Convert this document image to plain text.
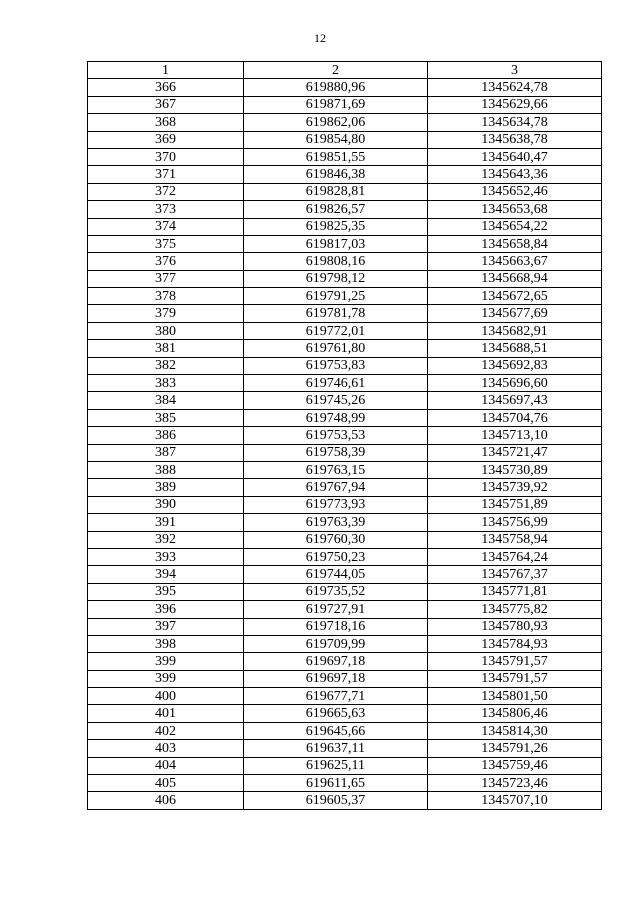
12
1	2	3
366	619880,96	1345624,78
367	619871,69	1345629,66
368	619862,06	1345634,78
369	619854,80	1345638,78
370	619851,55	1345640,47
371	619846,38	1345643,36
372	619828,81	1345652,46
373	619826,57	1345653,68
374	619825,35	1345654,22
375	619817,03	1345658,84
376	619808,16	1345663,67
377	619798,12	1345668,94
378	619791,25	1345672,65
379	619781,78	1345677,69
380	619772,01	1345682,91
381	619761,80	1345688,51
382	619753,83	1345692,83
383	619746,61	1345696,60
384	619745,26	1345697,43
385	619748,99	1345704,76
386	619753,53	1345713,10
387	619758,39	1345721,47
388	619763,15	1345730,89
389	619767,94	1345739,92
390	619773,93	1345751,89
391	619763,39	1345756,99
392	619760,30	1345758,94
393	619750,23	1345764,24
394	619744,05	1345767,37
395	619735,52	1345771,81
396	619727,91	1345775,82
397	619718,16	1345780,93
398	619709,99	1345784,93
399	619697,18	1345791,57
399	619697,18	1345791,57
400	619677,71	1345801,50
401	619665,63	1345806,46
402	619645,66	1345814,30
403	619637,11	1345791,26
404	619625,11	1345759,46
405	619611,65	1345723,46
406	619605,37	1345707,10
